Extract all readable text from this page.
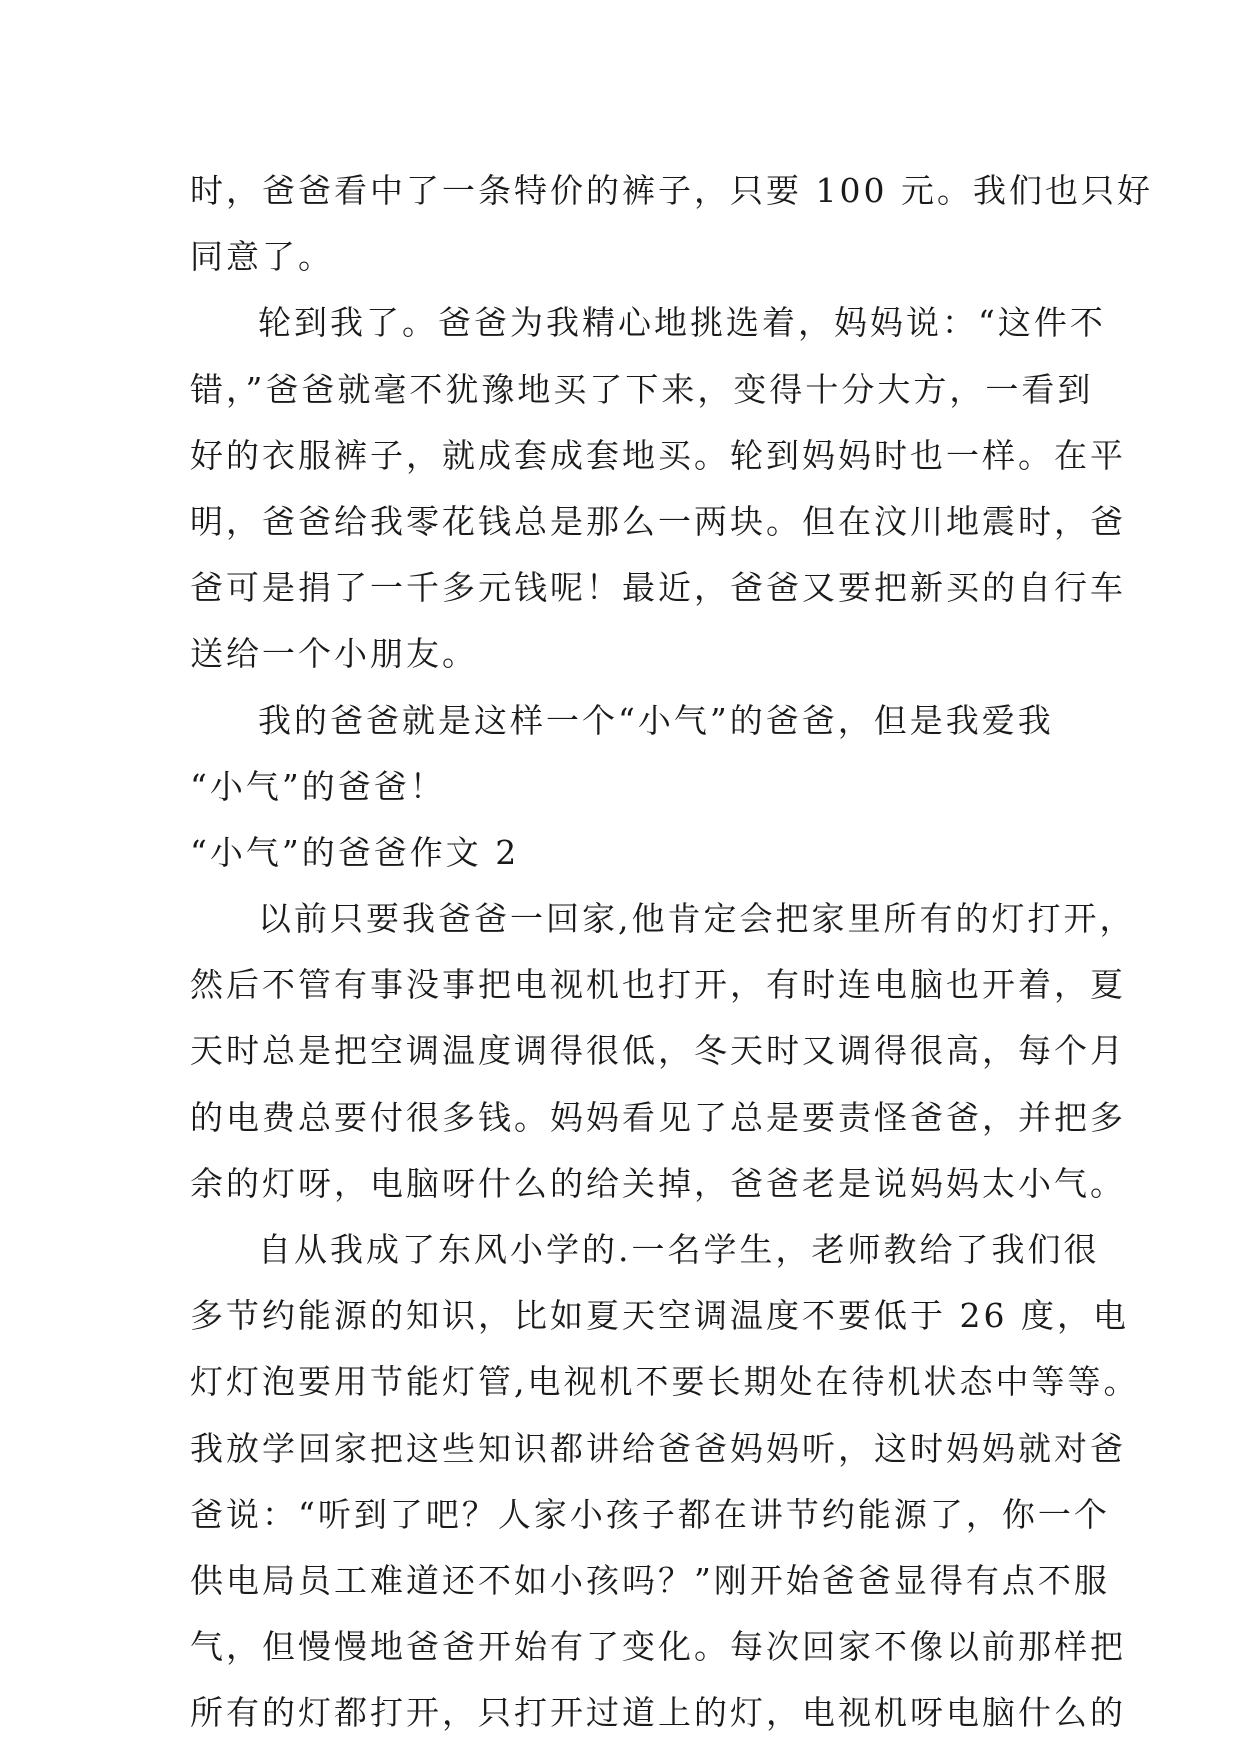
时，爸爸看中了一条特价的裤子，只要 100 元。我们也只好
同意了。
轮到我了。爸爸为我精心地挑选着，妈妈说：“这件不
错，”爸爸就毫不犹豫地买了下来，变得十分大方，一看到
好的衣服裤子，就成套成套地买。轮到妈妈时也一样。在平
明，爸爸给我零花钱总是那么一两块。但在汶川地震时，爸
爸可是捐了一千多元钱呢！最近，爸爸又要把新买的自行车
送给一个小朋友。
我的爸爸就是这样一个“小气”的爸爸，但是我爱我
“小气”的爸爸！
“小气”的爸爸作文 2
以前只要我爸爸一回家,他肯定会把家里所有的灯打开，
然后不管有事没事把电视机也打开，有时连电脑也开着，夏
天时总是把空调温度调得很低，冬天时又调得很高，每个月
的电费总要付很多钱。妈妈看见了总是要责怪爸爸，并把多
余的灯呀，电脑呀什么的给关掉，爸爸老是说妈妈太小气。
自从我成了东风小学的.一名学生，老师教给了我们很
多节约能源的知识，比如夏天空调温度不要低于 26 度，电
灯灯泡要用节能灯管,电视机不要长期处在待机状态中等等。
我放学回家把这些知识都讲给爸爸妈妈听，这时妈妈就对爸
爸说：“听到了吧？人家小孩子都在讲节约能源了，你一个
供电局员工难道还不如小孩吗？”刚开始爸爸显得有点不服
气，但慢慢地爸爸开始有了变化。每次回家不像以前那样把
所有的灯都打开，只打开过道上的灯，电视机呀电脑什么的
